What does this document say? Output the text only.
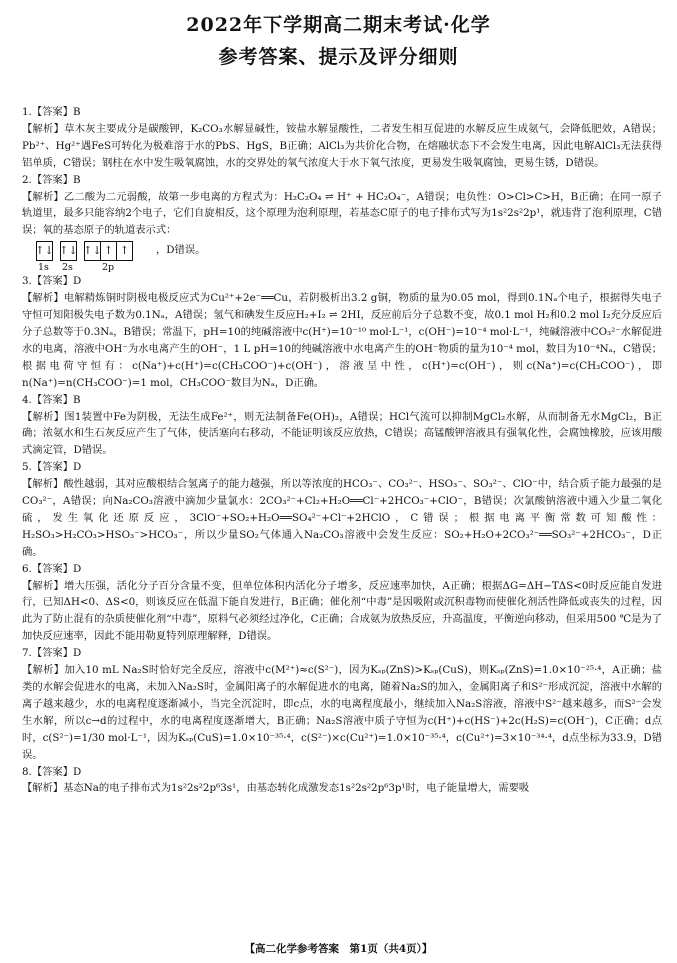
2022年下学期高二期末考试·化学
参考答案、提示及评分细则

1.【答案】B

【解析】草木灰主要成分是碳酸钾，K₂CO₃水解显碱性，铵盐水解显酸性，二者发生相互促进的水解反应生成氨气，会降低肥效，A错误；Pb²⁺、Hg²⁺遇FeS可转化为极难溶于水的PbS、HgS，B正确；AlCl₃为共价化合物，在熔融状态下不会发生电离，因此电解AlCl₃无法获得铝单质，C错误；钢柱在水中发生吸氧腐蚀，水的交界处的氧气浓度大于水下氧气浓度，更易发生吸氧腐蚀，更易生锈，D错误。

2.【答案】B

【解析】乙二酸为二元弱酸，故第一步电离的方程式为：H₂C₂O₄ ⇌ H⁺ + HC₂O₄⁻，A错误；电负性：O>Cl>C>H，B正确；在同一原子轨道里，最多只能容纳2个电子，它们自旋相反，这个原理为泡利原理，若基态C原子的电子排布式写为1s²2s²2p¹，就违背了泡利原理，C错误；氧的基态原子的轨道表示式：

↑↓ ↑↓ ↑↓ ↑ ↑	，D错误。
1s 2s	2p

3.【答案】D

【解析】电解精炼铜时阴极电极反应式为Cu²⁺+2e⁻══Cu，若阴极析出3.2 g铜，物质的量为0.05 mol，得到0.1Nₐ个电子，根据得失电子守恒可知阳极失电子数为0.1Nₐ，A错误；氢气和碘发生反应H₂+I₂ ⇌ 2HI，反应前后分子总数不变，故0.1 mol H₂和0.2 mol I₂充分反应后分子总数等于0.3Nₐ，B错误；常温下，pH=10的纯碱溶液中c(H⁺)=10⁻¹⁰ mol·L⁻¹，c(OH⁻)=10⁻⁴ mol·L⁻¹，纯碱溶液中CO₃²⁻水解促进水的电离，溶液中OH⁻为水电离产生的OH⁻，1 L pH=10的纯碱溶液中水电离产生的OH⁻物质的量为10⁻⁴ mol，数目为10⁻⁴Nₐ，C错误；根据电荷守恒有：c(Na⁺)+c(H⁺)=c(CH₃COO⁻)+c(OH⁻)，溶液呈中性，c(H⁺)=c(OH⁻)，则c(Na⁺)=c(CH₃COO⁻)，即n(Na⁺)=n(CH₃COO⁻)=1 mol，CH₃COO⁻数目为Nₐ，D正确。

4.【答案】B

【解析】图1装置中Fe为阴极，无法生成Fe²⁺，则无法制备Fe(OH)₂，A错误；HCl气流可以抑制MgCl₂水解，从而制备无水MgCl₂，B正确；浓氨水和生石灰反应产生了气体，使活塞向右移动，不能证明该反应放热，C错误；高锰酸钾溶液具有强氧化性，会腐蚀橡胶，应该用酸式滴定管，D错误。

5.【答案】D

【解析】酸性越弱，其对应酸根结合氢离子的能力越强，所以等浓度的HCO₃⁻、CO₃²⁻、HSO₃⁻、SO₃²⁻、ClO⁻中，结合质子能力最强的是CO₃²⁻，A错误；向Na₂CO₃溶液中滴加少量氯水：2CO₃²⁻+Cl₂+H₂O══Cl⁻+2HCO₃⁻+ClO⁻，B错误；次氯酸钠溶液中通入少量二氧化硫，发生氧化还原反应，3ClO⁻+SO₂+H₂O══SO₄²⁻+Cl⁻+2HClO，C错误；根据电离平衡常数可知酸性：H₂SO₃>H₂CO₃>HSO₃⁻>HCO₃⁻，所以少量SO₂气体通入Na₂CO₃溶液中会发生反应：SO₂+H₂O+2CO₃²⁻══SO₃²⁻+2HCO₃⁻，D正确。

6.【答案】D

【解析】增大压强，活化分子百分含量不变，但单位体积内活化分子增多，反应速率加快，A正确；根据ΔG=ΔH−TΔS<0时反应能自发进行，已知ΔH<0、ΔS<0，则该反应在低温下能自发进行，B正确；催化剂“中毒”是因吸附或沉积毒物而使催化剂活性降低或丧失的过程，因此为了防止混有的杂质使催化剂“中毒”，原料气必须经过净化，C正确；合成氨为放热反应，升高温度，平衡逆向移动，但采用500 ℃是为了加快反应速率，因此不能用勒夏特列原理解释，D错误。

7.【答案】D

【解析】加入10 mL Na₂S时恰好完全反应，溶液中c(M²⁺)≈c(S²⁻)，因为Kₛₚ(ZnS)>Kₛₚ(CuS)，则Kₛₚ(ZnS)=1.0×10⁻²⁵·⁴，A正确；盐类的水解会促进水的电离，未加入Na₂S时，金属阳离子的水解促进水的电离，随着Na₂S的加入，金属阳离子和S²⁻形成沉淀，溶液中水解的离子越来越少，水的电离程度逐渐减小，当完全沉淀时，即c点，水的电离程度最小，继续加入Na₂S溶液，溶液中S²⁻越来越多，而S²⁻会发生水解，所以c→d的过程中，水的电离程度逐渐增大，B正确；Na₂S溶液中质子守恒为c(H⁺)+c(HS⁻)+2c(H₂S)=c(OH⁻)，C正确；d点时，c(S²⁻)=1/30 mol·L⁻¹，因为Kₛₚ(CuS)=1.0×10⁻³⁵·⁴，c(S²⁻)×c(Cu²⁺)=1.0×10⁻³⁵·⁴，c(Cu²⁺)=3×10⁻³⁴·⁴，d点坐标为33.9，D错误。

8.【答案】D

【解析】基态Na的电子排布式为1s²2s²2p⁶3s¹，由基态转化成激发态1s²2s²2p⁶3p¹时，电子能量增大，需要吸

【高二化学参考答案　第1页（共4页）】
